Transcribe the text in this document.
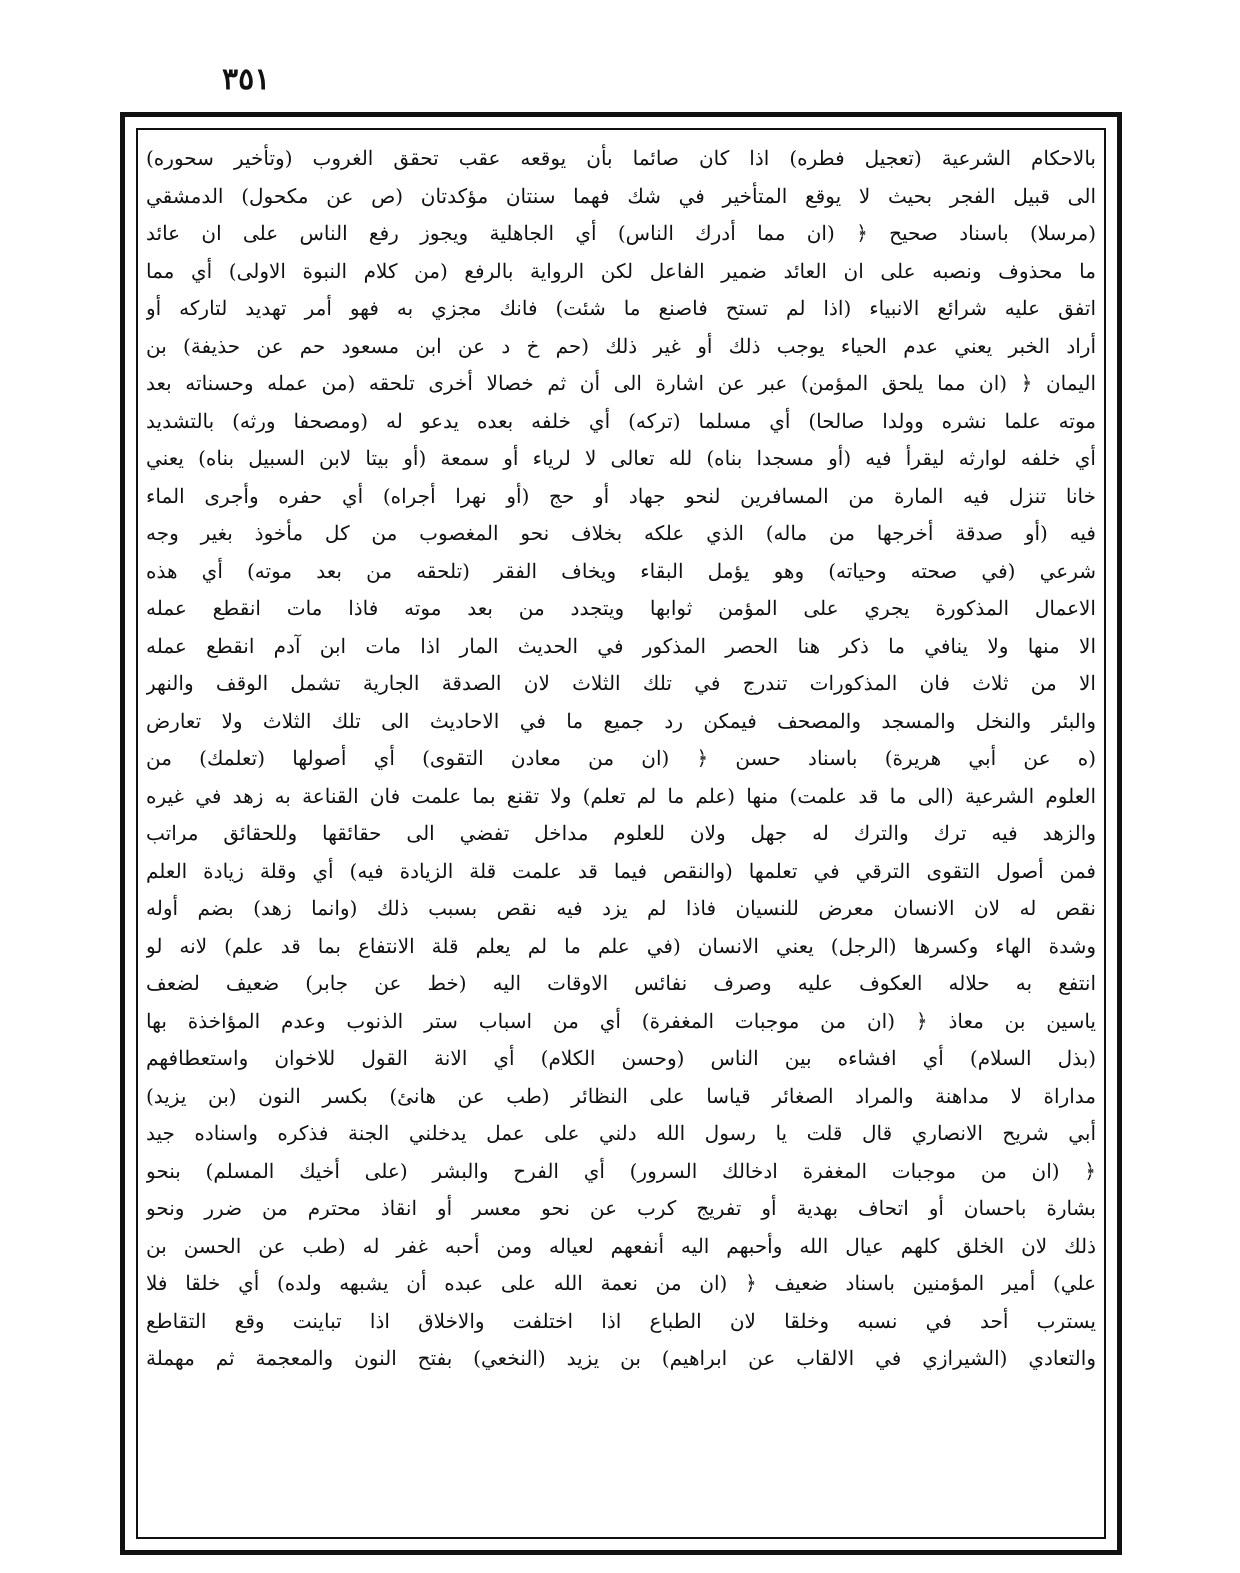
٣٥١
بالاحكام الشرعية (تعجيل فطره) اذا كان صائما بأن يوقعه عقب تحقق الغروب (وتأخير سحوره)
الى قبيل الفجر بحيث لا يوقع المتأخير في شك فهما سنتان مؤكدتان (ص عن مكحول) الدمشقي
(مرسلا) باسناد صحيح ﴿ (ان مما أدرك الناس) أي الجاهلية ويجوز رفع الناس على ان عائد
ما محذوف ونصبه على ان العائد ضمير الفاعل لكن الرواية بالرفع (من كلام النبوة الاولى) أي مما
اتفق عليه شرائع الانبياء (اذا لم تستح فاصنع ما شئت) فانك مجزي به فهو أمر تهديد لتاركه أو
أراد الخبر يعني عدم الحياء يوجب ذلك أو غير ذلك (حم خ د عن ابن مسعود حم عن حذيفة) بن
اليمان ﴿ (ان مما يلحق المؤمن) عبر عن اشارة الى أن ثم خصالا أخرى تلحقه (من عمله وحسناته بعد
موته علما نشره وولدا صالحا) أي مسلما (تركه) أي خلفه بعده يدعو له (ومصحفا ورثه) بالتشديد
أي خلفه لوارثه ليقرأ فيه (أو مسجدا بناه) لله تعالى لا لرياء أو سمعة (أو بيتا لابن السبيل بناه) يعني
خانا تنزل فيه المارة من المسافرين لنحو جهاد أو حج (أو نهرا أجراه) أي حفره وأجرى الماء
فيه (أو صدقة أخرجها من ماله) الذي علكه بخلاف نحو المغصوب من كل مأخوذ بغير وجه
شرعي (في صحته وحياته) وهو يؤمل البقاء ويخاف الفقر (تلحقه من بعد موته) أي هذه
الاعمال المذكورة يجري على المؤمن ثوابها ويتجدد من بعد موته فاذا مات انقطع عمله
الا منها ولا ينافي ما ذكر هنا الحصر المذكور في الحديث المار اذا مات ابن آدم انقطع عمله
الا من ثلاث فان المذكورات تندرج في تلك الثلاث لان الصدقة الجارية تشمل الوقف والنهر
والبئر والنخل والمسجد والمصحف فيمكن رد جميع ما في الاحاديث الى تلك الثلاث ولا تعارض
(ه عن أبي هريرة) باسناد حسن ﴿ (ان من معادن التقوى) أي أصولها (تعلمك) من
العلوم الشرعية (الى ما قد علمت) منها (علم ما لم تعلم) ولا تقنع بما علمت فان القناعة به زهد في غيره
والزهد فيه ترك والترك له جهل ولان للعلوم مداخل تفضي الى حقائقها وللحقائق مراتب
فمن أصول التقوى الترقي في تعلمها (والنقص فيما قد علمت قلة الزيادة فيه) أي وقلة زيادة العلم
نقص له لان الانسان معرض للنسيان فاذا لم يزد فيه نقص بسبب ذلك (وانما زهد) بضم أوله
وشدة الهاء وكسرها (الرجل) يعني الانسان (في علم ما لم يعلم قلة الانتفاع بما قد علم) لانه لو
انتفع به حلاله العكوف عليه وصرف نفائس الاوقات اليه (خط عن جابر) ضعيف لضعف
ياسين بن معاذ ﴿ (ان من موجبات المغفرة) أي من اسباب ستر الذنوب وعدم المؤاخذة بها
(بذل السلام) أي افشاءه بين الناس (وحسن الكلام) أي الانة القول للاخوان واستعطافهم
مداراة لا مداهنة والمراد الصغائر قياسا على النظائر (طب عن هانئ) بكسر النون (بن يزيد)
أبي شريح الانصاري قال قلت يا رسول الله دلني على عمل يدخلني الجنة فذكره واسناده جيد
﴿ (ان من موجبات المغفرة ادخالك السرور) أي الفرح والبشر (على أخيك المسلم) بنحو
بشارة باحسان أو اتحاف بهدية أو تفريج كرب عن نحو معسر أو انقاذ محترم من ضرر ونحو
ذلك لان الخلق كلهم عيال الله وأحبهم اليه أنفعهم لعياله ومن أحبه غفر له (طب عن الحسن بن
علي) أمير المؤمنين باسناد ضعيف ﴿ (ان من نعمة الله على عبده أن يشبهه ولده) أي خلقا فلا
يسترب أحد في نسبه وخلقا لان الطباع اذا اختلفت والاخلاق اذا تباينت وقع التقاطع
والتعادي (الشيرازي في الالقاب عن ابراهيم) بن يزيد (النخعي) بفتح النون والمعجمة ثم مهملة
